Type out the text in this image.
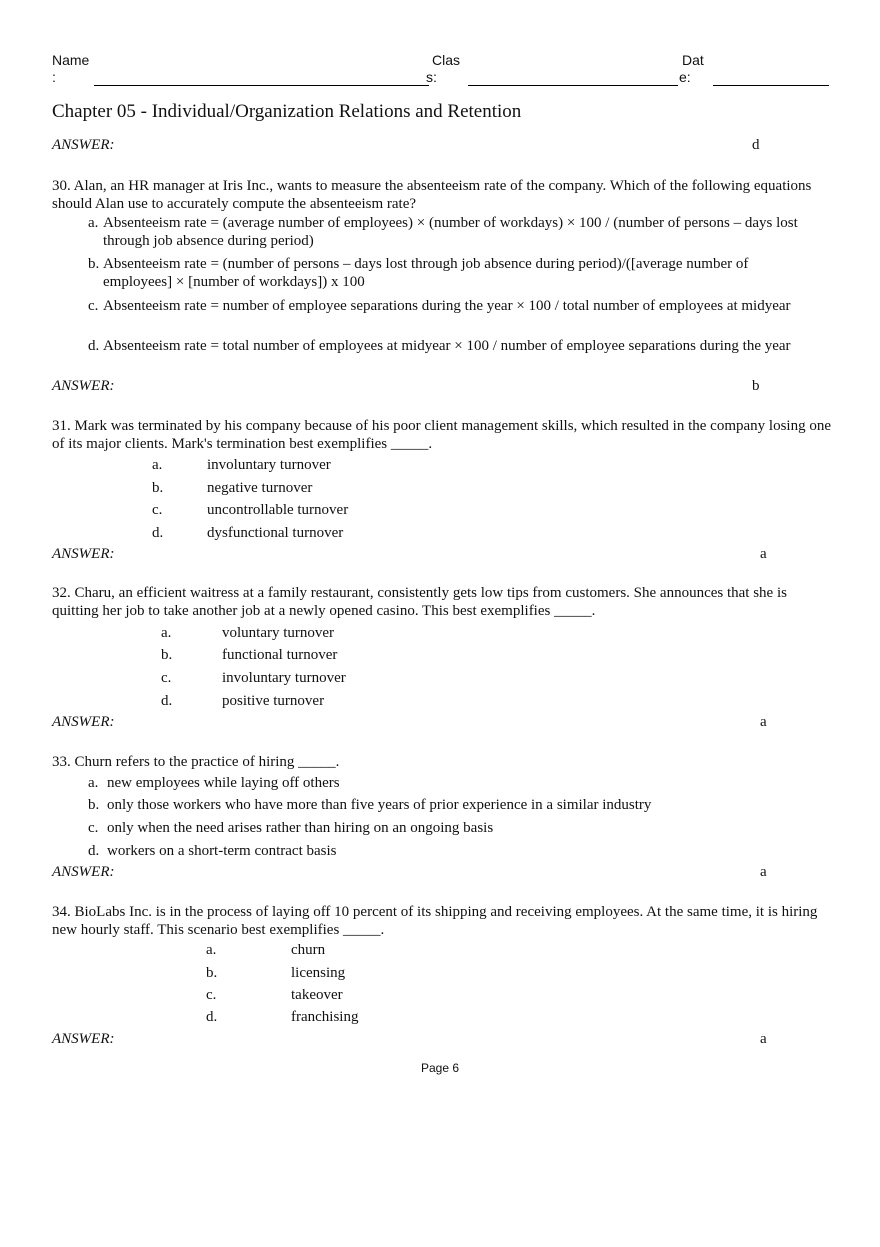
Name
:
Clas
s:
Dat
e:
Chapter 05 - Individual/Organization Relations and Retention
ANSWER:	d
30. Alan, an HR manager at Iris Inc., wants to measure the absenteeism rate of the company. Which of the following equations should Alan use to accurately compute the absenteeism rate?
a. Absenteeism rate = (average number of employees) × (number of workdays) × 100 / (number of persons – days lost through job absence during period)
b. Absenteeism rate = (number of persons – days lost through job absence during period)/([average number of employees] × [number of workdays]) x 100
c. Absenteeism rate = number of employee separations during the year × 100 / total number of employees at midyear
d. Absenteeism rate = total number of employees at midyear × 100 / number of employee separations during the year
ANSWER:	b
31. Mark was terminated by his company because of his poor client management skills, which resulted in the company losing one of its major clients. Mark's termination best exemplifies _____.
a.	involuntary turnover
b.	negative turnover
c.	uncontrollable turnover
d.	dysfunctional turnover
ANSWER:	a
32. Charu, an efficient waitress at a family restaurant, consistently gets low tips from customers. She announces that she is quitting her job to take another job at a newly opened casino. This best exemplifies _____.
a.	voluntary turnover
b.	functional turnover
c.	involuntary turnover
d.	positive turnover
ANSWER:	a
33. Churn refers to the practice of hiring _____.
a. new employees while laying off others
b. only those workers who have more than five years of prior experience in a similar industry
c. only when the need arises rather than hiring on an ongoing basis
d. workers on a short-term contract basis
ANSWER:	a
34. BioLabs Inc. is in the process of laying off 10 percent of its shipping and receiving employees. At the same time, it is hiring new hourly staff. This scenario best exemplifies _____.
a.	churn
b.	licensing
c.	takeover
d.	franchising
ANSWER:	a
Page 6
